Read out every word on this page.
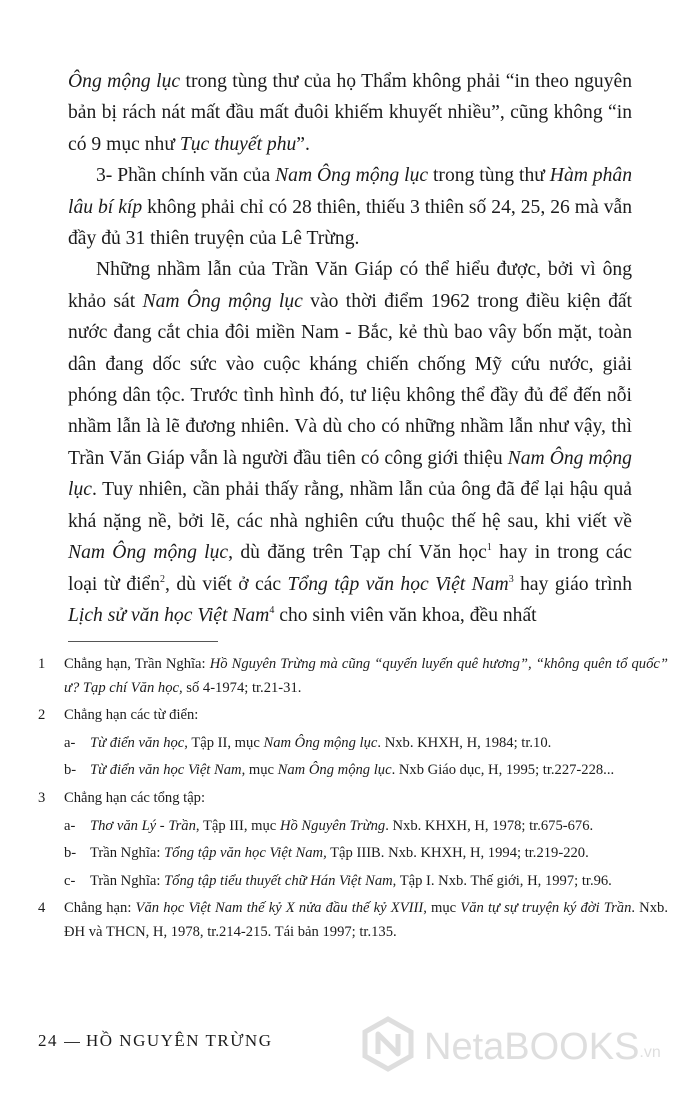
Ông mộng lục trong tùng thư của họ Thẩm không phải “in theo nguyên bản bị rách nát mất đầu mất đuôi khiếm khuyết nhiều”, cũng không “in có 9 mục như Tục thuyết phu”.

3- Phần chính văn của Nam Ông mộng lục trong tùng thư Hàm phân lâu bí kíp không phải chỉ có 28 thiên, thiếu 3 thiên số 24, 25, 26 mà vẫn đầy đủ 31 thiên truyện của Lê Trừng.

Những nhầm lẫn của Trần Văn Giáp có thể hiểu được, bởi vì ông khảo sát Nam Ông mộng lục vào thời điểm 1962 trong điều kiện đất nước đang cắt chia đôi miền Nam - Bắc, kẻ thù bao vây bốn mặt, toàn dân đang dốc sức vào cuộc kháng chiến chống Mỹ cứu nước, giải phóng dân tộc. Trước tình hình đó, tư liệu không thể đầy đủ để đến nỗi nhầm lẫn là lẽ đương nhiên. Và dù cho có những nhầm lẫn như vậy, thì Trần Văn Giáp vẫn là người đầu tiên có công giới thiệu Nam Ông mộng lục. Tuy nhiên, cần phải thấy rằng, nhầm lẫn của ông đã để lại hậu quả khá nặng nề, bởi lẽ, các nhà nghiên cứu thuộc thế hệ sau, khi viết về Nam Ông mộng lục, dù đăng trên Tạp chí Văn học$^1$ hay in trong các loại từ điển$^2$, dù viết ở các Tổng tập văn học Việt Nam$^3$ hay giáo trình Lịch sử văn học Việt Nam$^4$ cho sinh viên văn khoa, đều nhất

1 Chẳng hạn, Trần Nghĩa: Hồ Nguyên Trừng mà cũng “quyến luyến quê hương”, “không quên tổ quốc” ư? Tạp chí Văn học, số 4-1974; tr.21-31.
2 Chẳng hạn các từ điển:
a- Từ điển văn học, Tập II, mục Nam Ông mộng lục. Nxb. KHXH, H, 1984; tr.10.
b- Từ điển văn học Việt Nam, mục Nam Ông mộng lục. Nxb Giáo dục, H, 1995; tr.227-228...
3 Chẳng hạn các tổng tập:
a- Thơ văn Lý - Trần, Tập III, mục Hồ Nguyên Trừng. Nxb. KHXH, H, 1978; tr.675-676.
b- Trần Nghĩa: Tổng tập văn học Việt Nam, Tập IIIB. Nxb. KHXH, H, 1994; tr.219-220.
c- Trần Nghĩa: Tổng tập tiểu thuyết chữ Hán Việt Nam, Tập I. Nxb. Thế giới, H, 1997; tr.96.
4 Chẳng hạn: Văn học Việt Nam thế kỷ X nửa đầu thế kỷ XVIII, mục Văn tự sự truyện ký đời Trần. Nxb. ĐH và THCN, H, 1978, tr.214-215. Tái bản 1997; tr.135.
24 HỒ NGUYÊN TRỪNG	NetaBOOKS.vn
